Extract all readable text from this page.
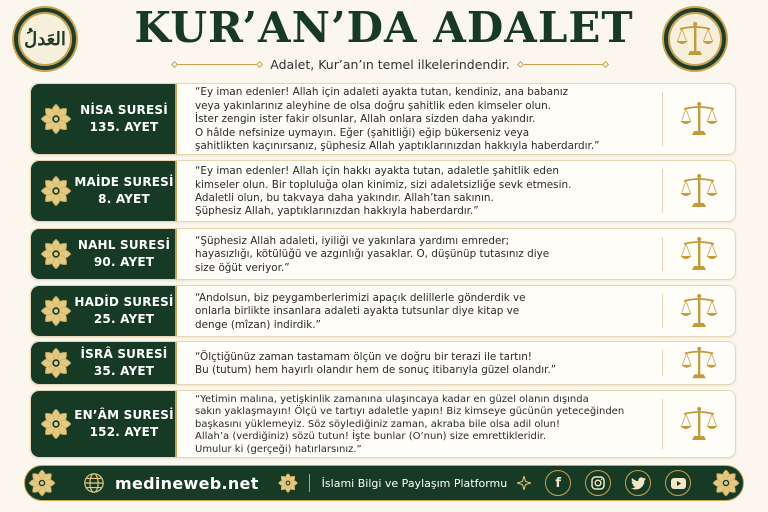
العَدلُ	KUR’AN’DA ADALET
Adalet, Kur’an’ın temel ilkelerindendir.
NİSA SURESİ
135. AYET
“Ey iman edenler! Allah için adaleti ayakta tutan, kendiniz, ana babanız
veya yakınlarınız aleyhine de olsa doğru şahitlik eden kimseler olun.
İster zengin ister fakir olsunlar, Allah onlara sizden daha yakındır.
O hâlde nefsinize uymayın. Eğer (şahitliği) eğip bükerseniz veya
şahitlikten kaçınırsanız, şüphesiz Allah yaptıklarınızdan hakkıyla haberdardır.”
MAİDE SURESİ
8. AYET
“Ey iman edenler! Allah için hakkı ayakta tutan, adaletle şahitlik eden
kimseler olun. Bir topluluğa olan kinimiz, sizi adaletsizliğe sevk etmesin.
Adaletli olun, bu takvaya daha yakındır. Allah’tan sakının.
Şüphesiz Allah, yaptıklarınızdan hakkıyla haberdardır.”
NAHL SURESİ
90. AYET
“Şüphesiz Allah adaleti, iyiliği ve yakınlara yardımı emreder;
hayasızlığı, kötülüğü ve azgınlığı yasaklar. O, düşünüp tutasınız diye
size öğüt veriyor.”
HADİD SURESİ
25. AYET
“Andolsun, biz peygamberlerimizi apaçık delillerle gönderdik ve
onlarla birlikte insanlara adaleti ayakta tutsunlar diye kitap ve
denge (mîzan) indirdik.”
İSRÂ SURESİ
35. AYET
“Ölçtiğünüz zaman tastamam ölçün ve doğru bir terazi ile tartın!
Bu (tutum) hem hayırlı olandır hem de sonuç itibarıyla güzel olandır.”
EN’ÂM SURESİ
152. AYET
“Yetimin malına, yetişkinlik zamanına ulaşıncaya kadar en güzel olanın dışında
sakın yaklaşmayın! Ölçü ve tartıyı adaletle yapın! Biz kimseye gücünün yeteceğinden
başkasını yüklemeyiz. Söz söylediğiniz zaman, akraba bile olsa adil olun!
Allah’a (verdiğiniz) sözü tutun! İşte bunlar (O’nun) size emrettikleridir.
Umulur ki (gerçeği) hatırlarsınız.”
medineweb.net	İslami Bilgi ve Paylaşım Platformu	f
